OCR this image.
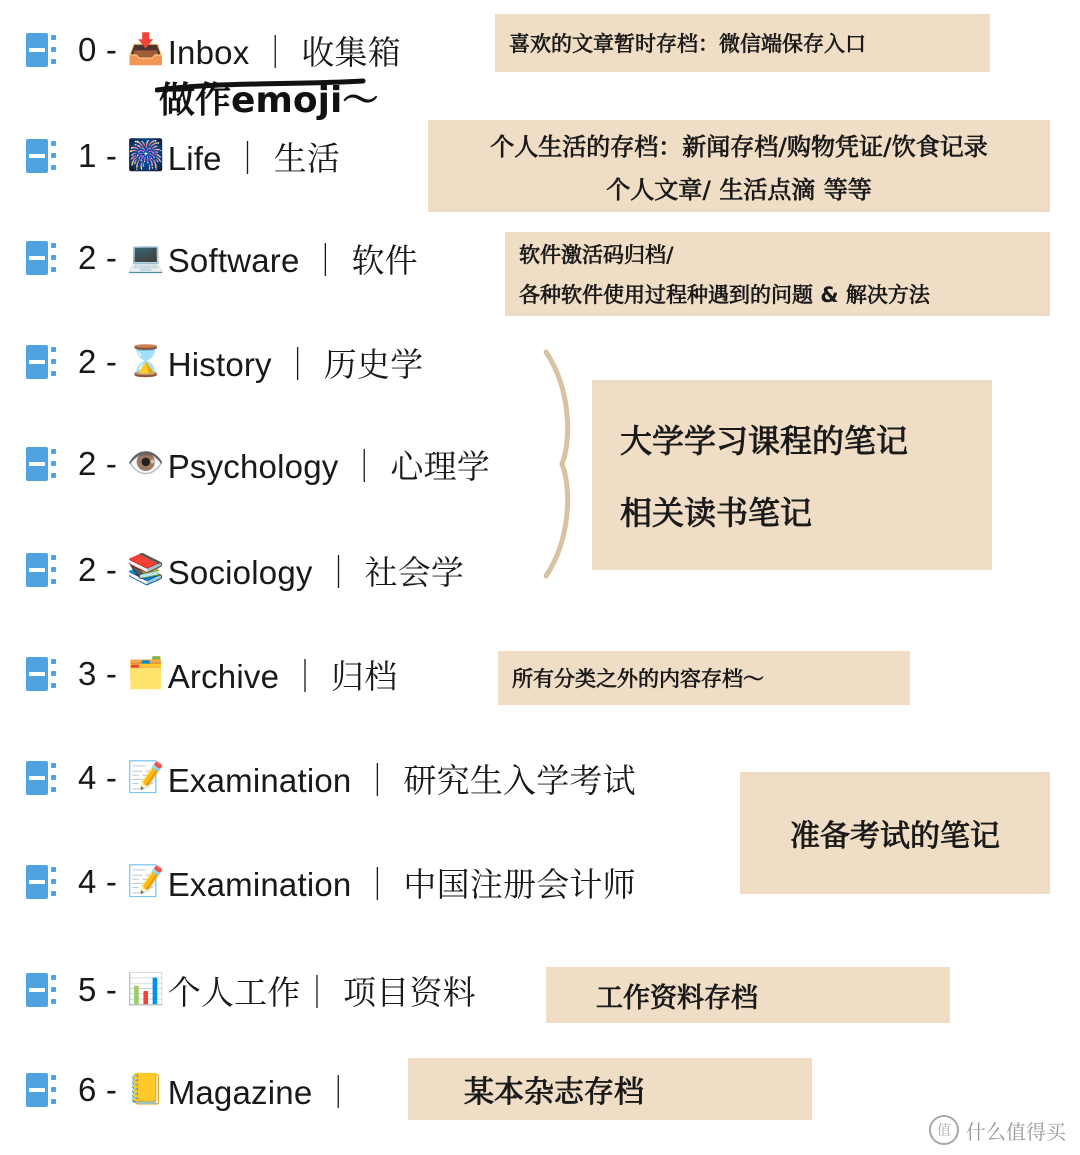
0 - 📥 Inbox ｜ 收集箱
1 - 🎆 Life ｜ 生活
2 - 💻 Software ｜ 软件
2 - ⌛ History ｜ 历史学
2 - 👁️ Psychology ｜ 心理学
2 - 📚 Sociology ｜ 社会学
3 - 🗂️ Archive ｜ 归档
4 - 📝 Examination ｜ 研究生入学考试
4 - 📝 Examination ｜ 中国注册会计师
5 - 📊 个人工作｜ 项目资料
6 - 📒 Magazine ｜
喜欢的文章暂时存档：微信端保存入口
个人生活的存档：新闻存档/购物凭证/饮食记录
个人文章/ 生活点滴 等等
软件激活码归档/
各种软件使用过程种遇到的问题 & 解决方法
大学学习课程的笔记
相关读书笔记
所有分类之外的内容存档～
准备考试的笔记
工作资料存档
某本杂志存档
做作emoji〜
值 什么值得买
